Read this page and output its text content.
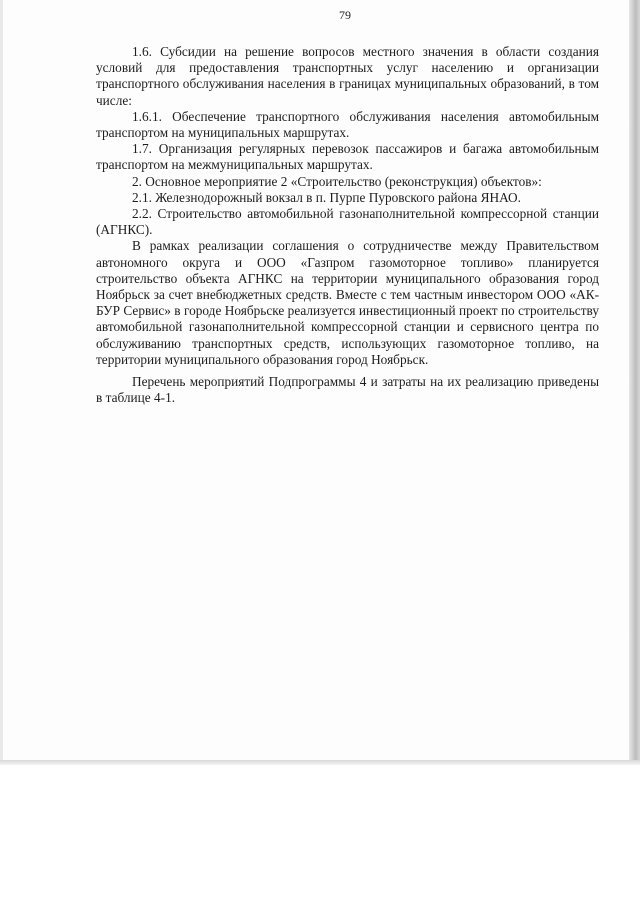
79

1.6. Субсидии на решение вопросов местного значения в области создания условий для предоставления транспортных услуг населению и организации транспортного обслуживания населения в границах муниципальных образований, в том числе:

1.6.1. Обеспечение транспортного обслуживания населения автомобильным транспортом на муниципальных маршрутах.

1.7. Организация регулярных перевозок пассажиров и багажа автомобильным транспортом на межмуниципальных маршрутах.

2. Основное мероприятие 2 «Строительство (реконструкция) объектов»:

2.1. Железнодорожный вокзал в п. Пурпе Пуровского района ЯНАО.

2.2. Строительство автомобильной газонаполнительной компрессорной станции (АГНКС).

В рамках реализации соглашения о сотрудничестве между Правительством автономного округа и ООО «Газпром газомоторное топливо» планируется строительство объекта АГНКС на территории муниципального образования город Ноябрьск за счет внебюджетных средств. Вместе с тем частным инвестором ООО «АК-БУР Сервис» в городе Ноябрьске реализуется инвестиционный проект по строительству автомобильной газонаполнительной компрессорной станции и сервисного центра по обслуживанию транспортных средств, использующих газомоторное топливо, на территории муниципального образования город Ноябрьск.

Перечень мероприятий Подпрограммы 4 и затраты на их реализацию приведены в таблице 4-1.
